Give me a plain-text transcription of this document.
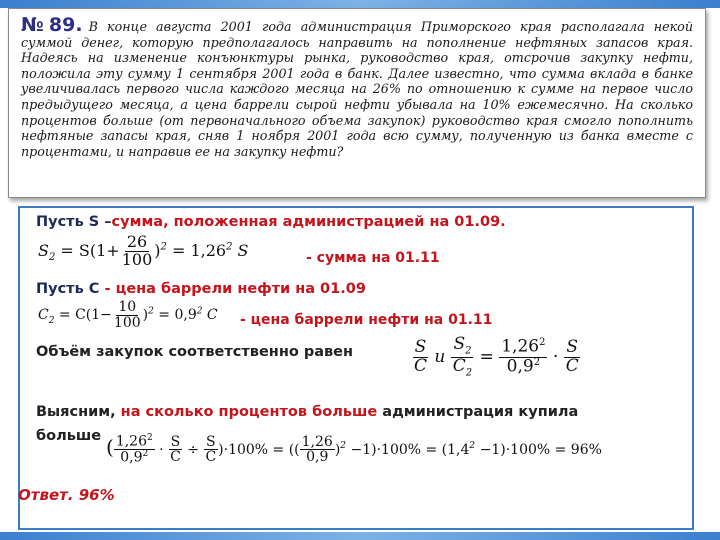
№89. В конце августа 2001 года администрация Приморского края располагала некой суммой денег, которую предполагалось направить на пополнение нефтяных запасов края. Надеясь на изменение конъюнктуры рынка, руководство края, отсрочив закупку нефти, положила эту сумму 1 сентября 2001 года в банк. Далее известно, что сумма вклада в банке увеличивалась первого числа каждого месяца на 26% по отношению к сумме на первое число предыдущего месяца, а цена баррели сырой нефти убывала на 10% ежемесячно. На сколько процентов больше (от первоначального объема закупок) руководство края смогло пополнить нефтяные запасы края, сняв 1 ноября 2001 года всю сумму, полученную из банка вместе с процентами, и направив ее на закупку нефти?

Пусть S –сумма, положенная администрацией на 01.09.
$S_2 = S(1+ \frac{26}{100} )^2 = 1,26^2$ S	- сумма на 01.11
Пусть С - цена баррели нефти на 01.09
$C_2 = C(1- \frac{10}{100} )^2 = 0,9^2$ C - цена баррели нефти на 01.11
Объём закупок соответственно равен	$\frac{S}{C}$ и $\frac{S_2}{C_2} = \frac{1,26^2}{0,9^2} \cdot \frac{S}{C}$
Выясним, на сколько процентов больше администрация купила
больше ( $\frac{1,26^2}{0,9^2} \cdot \frac{S}{C} \div \frac{S}{C} )\cdot 100\%$ = (( $\frac{1,26}{0,9} )^2 -1)\cdot 100\% = (1,4^2 -1)\cdot 100\% = 96\%$
Ответ. 96%
